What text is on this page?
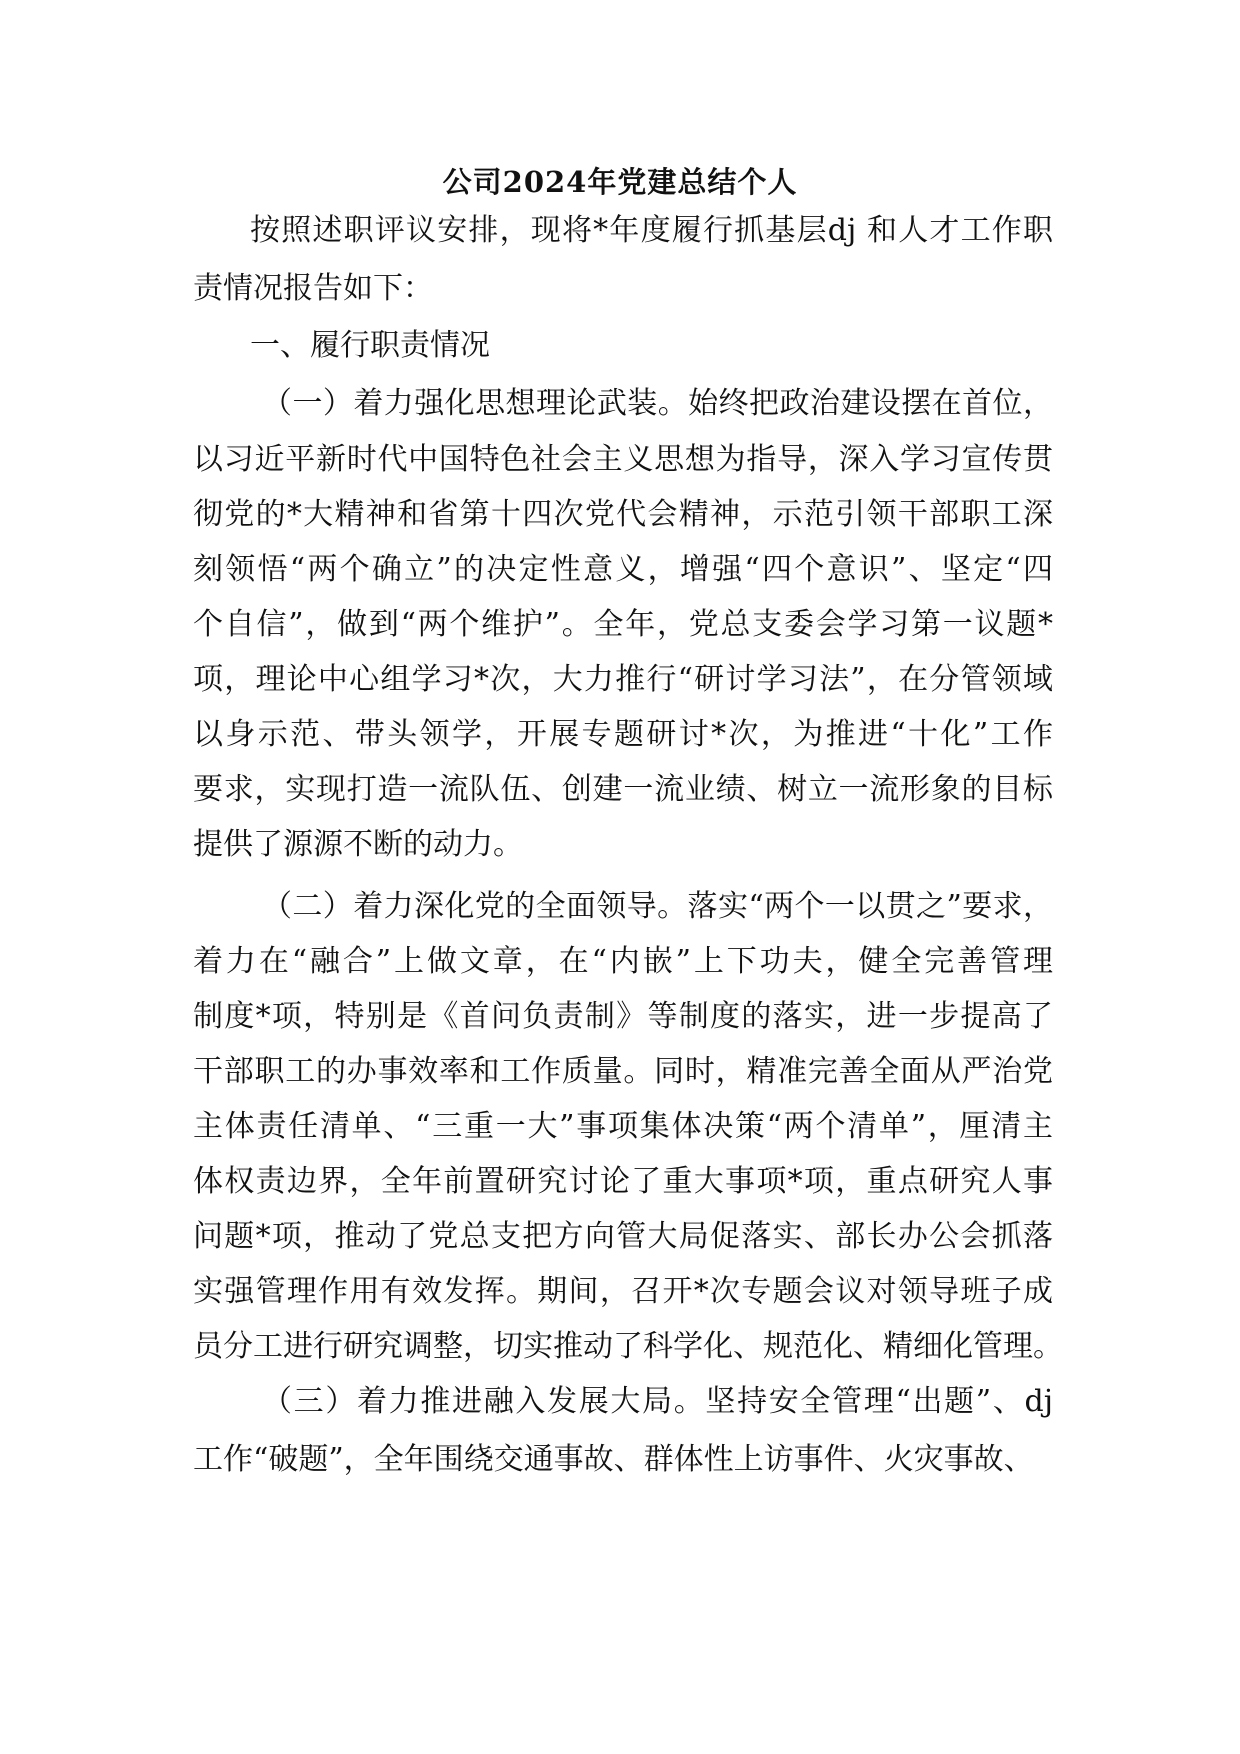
公司2024年党建总结个人
按照述职评议安排，现将*年度履行抓基层dj 和人才工作职
责情况报告如下：
一、履行职责情况
（一）着力强化思想理论武装。始终把政治建设摆在首位，
以习近平新时代中国特色社会主义思想为指导，深入学习宣传贯
彻党的*大精神和省第十四次党代会精神，示范引领干部职工深
刻领悟“两个确立”的决定性意义，增强“四个意识”、坚定“四
个自信”，做到“两个维护”。全年，党总支委会学习第一议题*
项，理论中心组学习*次，大力推行“研讨学习法”，在分管领域
以身示范、带头领学，开展专题研讨*次，为推进“十化”工作
要求，实现打造一流队伍、创建一流业绩、树立一流形象的目标
提供了源源不断的动力。
（二）着力深化党的全面领导。落实“两个一以贯之”要求，
着力在“融合”上做文章，在“内嵌”上下功夫，健全完善管理
制度*项，特别是《首问负责制》等制度的落实，进一步提高了
干部职工的办事效率和工作质量。同时，精准完善全面从严治党
主体责任清单、“三重一大”事项集体决策“两个清单”，厘清主
体权责边界，全年前置研究讨论了重大事项*项，重点研究人事
问题*项，推动了党总支把方向管大局促落实、部长办公会抓落
实强管理作用有效发挥。期间，召开*次专题会议对领导班子成
员分工进行研究调整，切实推动了科学化、规范化、精细化管理。
（三）着力推进融入发展大局。坚持安全管理“出题”、dj
工作“破题”，全年围绕交通事故、群体性上访事件、火灾事故、
